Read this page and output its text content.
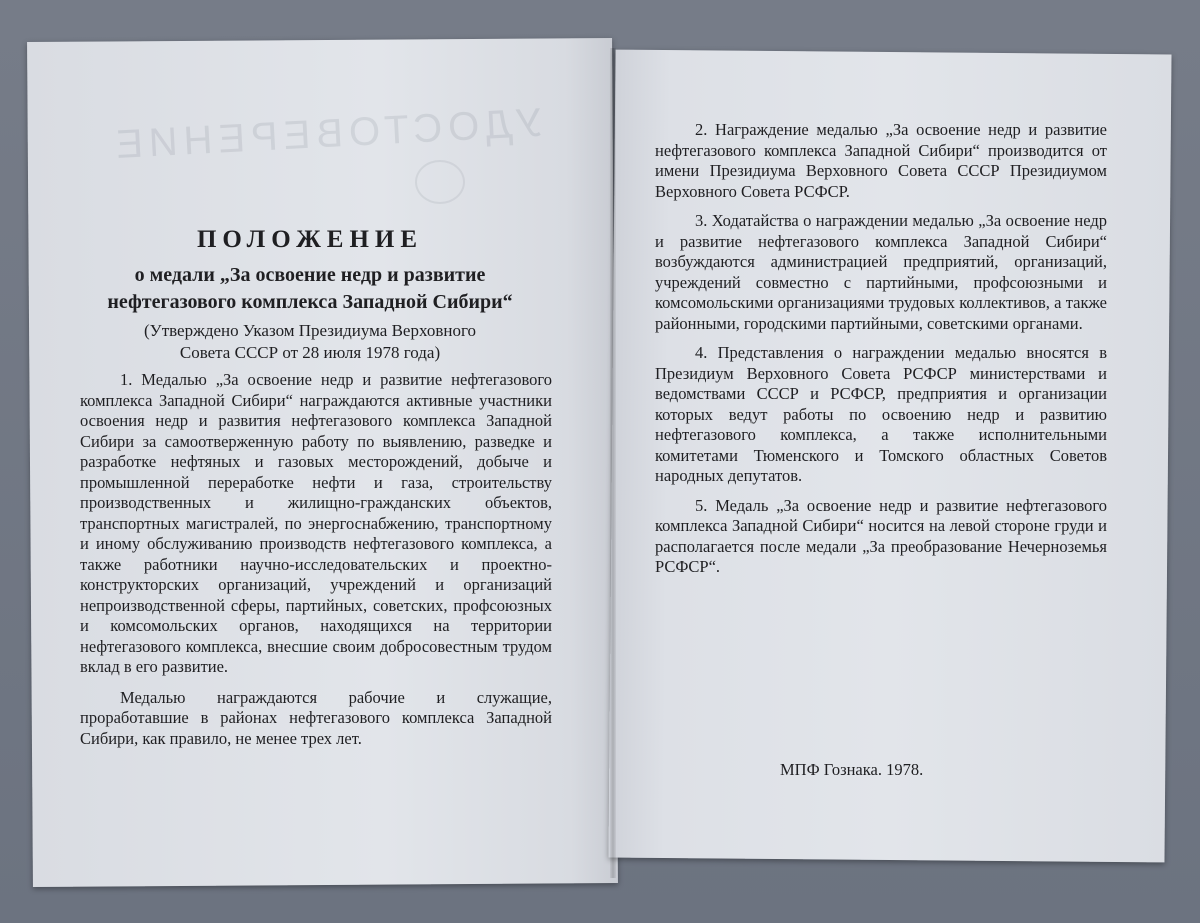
УДОСТОВЕРЕНИЕ
ПОЛОЖЕНИЕ
о медали „За освоение недр и развитие
нефтегазового комплекса Западной Сибири“
(Утверждено Указом Президиума Верховного
Совета СССР от 28 июля 1978 года)

1. Медалью „За освоение недр и развитие нефтегазового комплекса Западной Сибири“ награждаются активные участники освоения недр и развития нефтегазового комплекса Западной Сибири за самоотверженную работу по выявлению, разведке и разработке нефтяных и газовых месторождений, добыче и промышленной переработке нефти и газа, строительству производственных и жилищно-гражданских объектов, транспортных магистралей, по энергоснабжению, транспортному и иному обслуживанию производств нефтегазового комплекса, а также работники научно-исследовательских и проектно-конструкторских организаций, учреждений и организаций непроизводственной сферы, партийных, советских, профсоюзных и комсомольских органов, находящихся на территории нефтегазового комплекса, внесшие своим добросовестным трудом вклад в его развитие.

Медалью награждаются рабочие и служащие, проработавшие в районах нефтегазового комплекса Западной Сибири, как правило, не менее трех лет.

2. Награждение медалью „За освоение недр и развитие нефтегазового комплекса Западной Сибири“ производится от имени Президиума Верховного Совета СССР Президиумом Верховного Совета РСФСР.

3. Ходатайства о награждении медалью „За освоение недр и развитие нефтегазового комплекса Западной Сибири“ возбуждаются администрацией предприятий, организаций, учреждений совместно с партийными, профсоюзными и комсомольскими организациями трудовых коллективов, а также районными, городскими партийными, советскими органами.

4. Представления о награждении медалью вносятся в Президиум Верховного Совета РСФСР министерствами и ведомствами СССР и РСФСР, предприятия и организации которых ведут работы по освоению недр и развитию нефтегазового комплекса, а также исполнительными комитетами Тюменского и Томского областных Советов народных депутатов.

5. Медаль „За освоение недр и развитие нефтегазового комплекса Западной Сибири“ носится на левой стороне груди и располагается после медали „За преобразование Нечерноземья РСФСР“.

МПФ Гознака. 1978.
